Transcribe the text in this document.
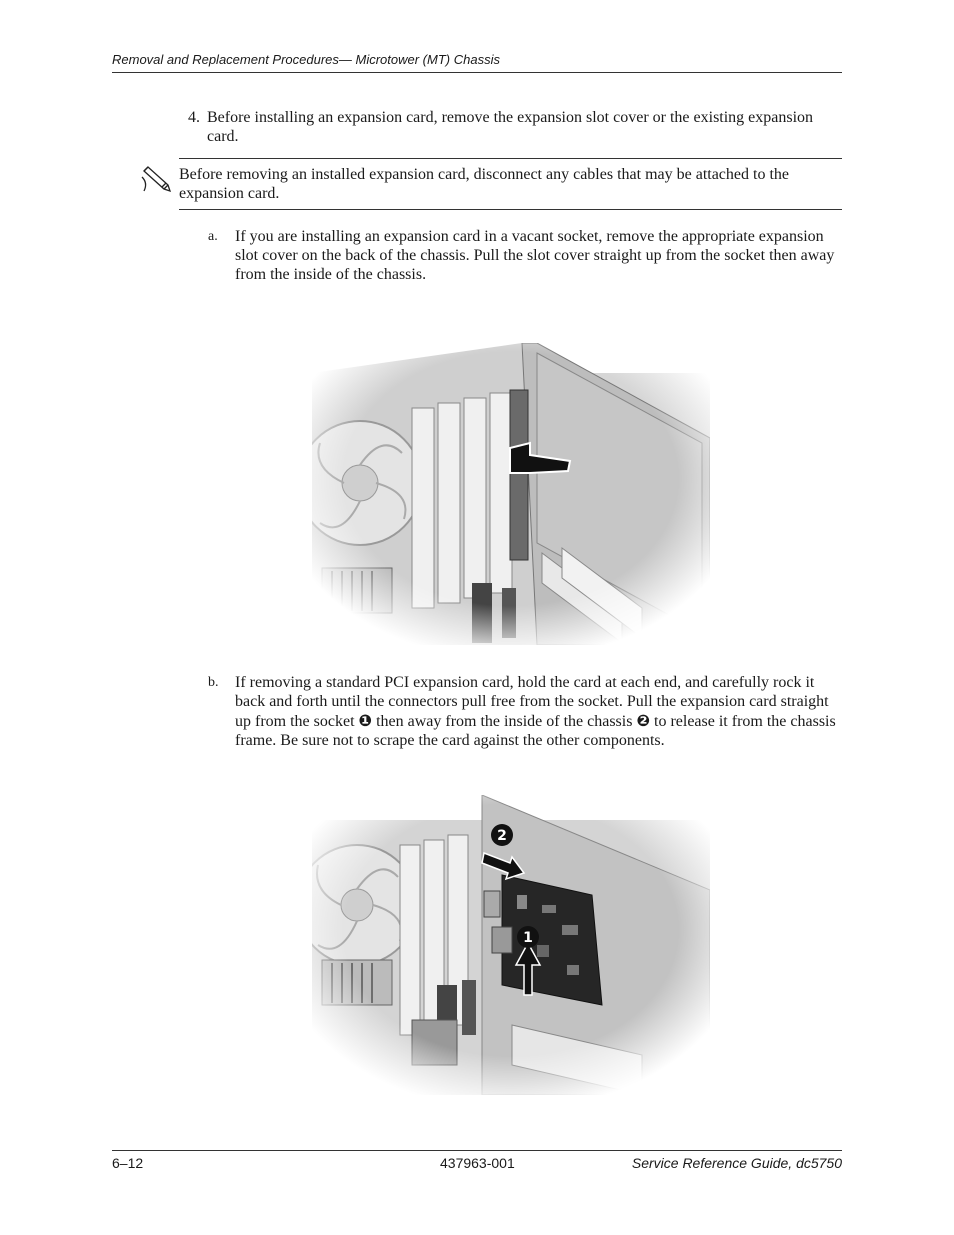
Removal and Replacement Procedures— Microtower (MT) Chassis
4. Before installing an expansion card, remove the expansion slot cover or the existing expansion card.
Before removing an installed expansion card, disconnect any cables that may be attached to the expansion card.
a. If you are installing an expansion card in a vacant socket, remove the appropriate expansion slot cover on the back of the chassis. Pull the slot cover straight up from the socket then away from the inside of the chassis.
b. If removing a standard PCI expansion card, hold the card at each end, and carefully rock it back and forth until the connectors pull free from the socket. Pull the expansion card straight up from the socket ❶ then away from the inside of the chassis ❷ to release it from the chassis frame. Be sure not to scrape the card against the other components.
6–12	437963-001	Service Reference Guide, dc5750
